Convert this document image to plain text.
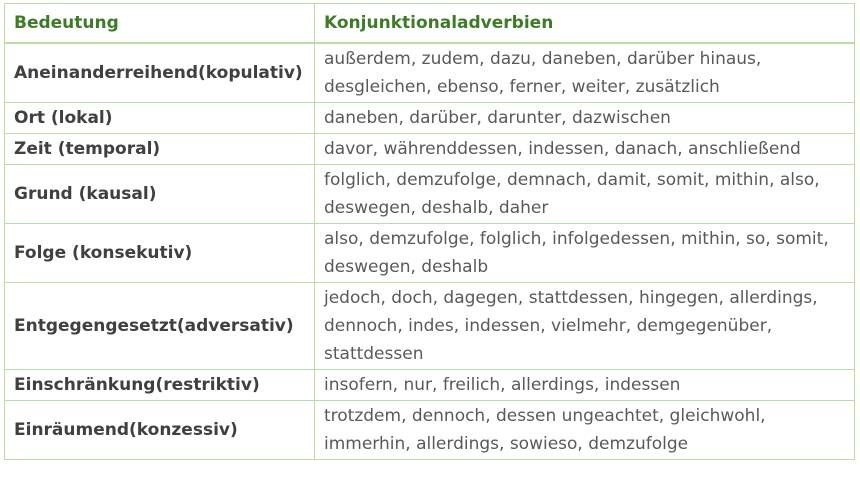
Bedeutung	Konjunktionaladverbien
Aneinanderreihend(kopulativ)	außerdem, zudem, dazu, daneben, darüber hinaus, desgleichen, ebenso, ferner, weiter, zusätzlich
Ort (lokal)	daneben, darüber, darunter, dazwischen
Zeit (temporal)	davor, währenddessen, indessen, danach, anschließend
Grund (kausal)	folglich, demzufolge, demnach, damit, somit, mithin, also, deswegen, deshalb, daher
Folge (konsekutiv)	also, demzufolge, folglich, infolgedessen, mithin, so, somit, deswegen, deshalb
Entgegengesetzt(adversativ)	jedoch, doch, dagegen, stattdessen, hingegen, allerdings, dennoch, indes, indessen, vielmehr, demgegenüber, stattdessen
Einschränkung(restriktiv)	insofern, nur, freilich, allerdings, indessen
Einräumend(konzessiv)	trotzdem, dennoch, dessen ungeachtet, gleichwohl, immerhin, allerdings, sowieso, demzufolge
